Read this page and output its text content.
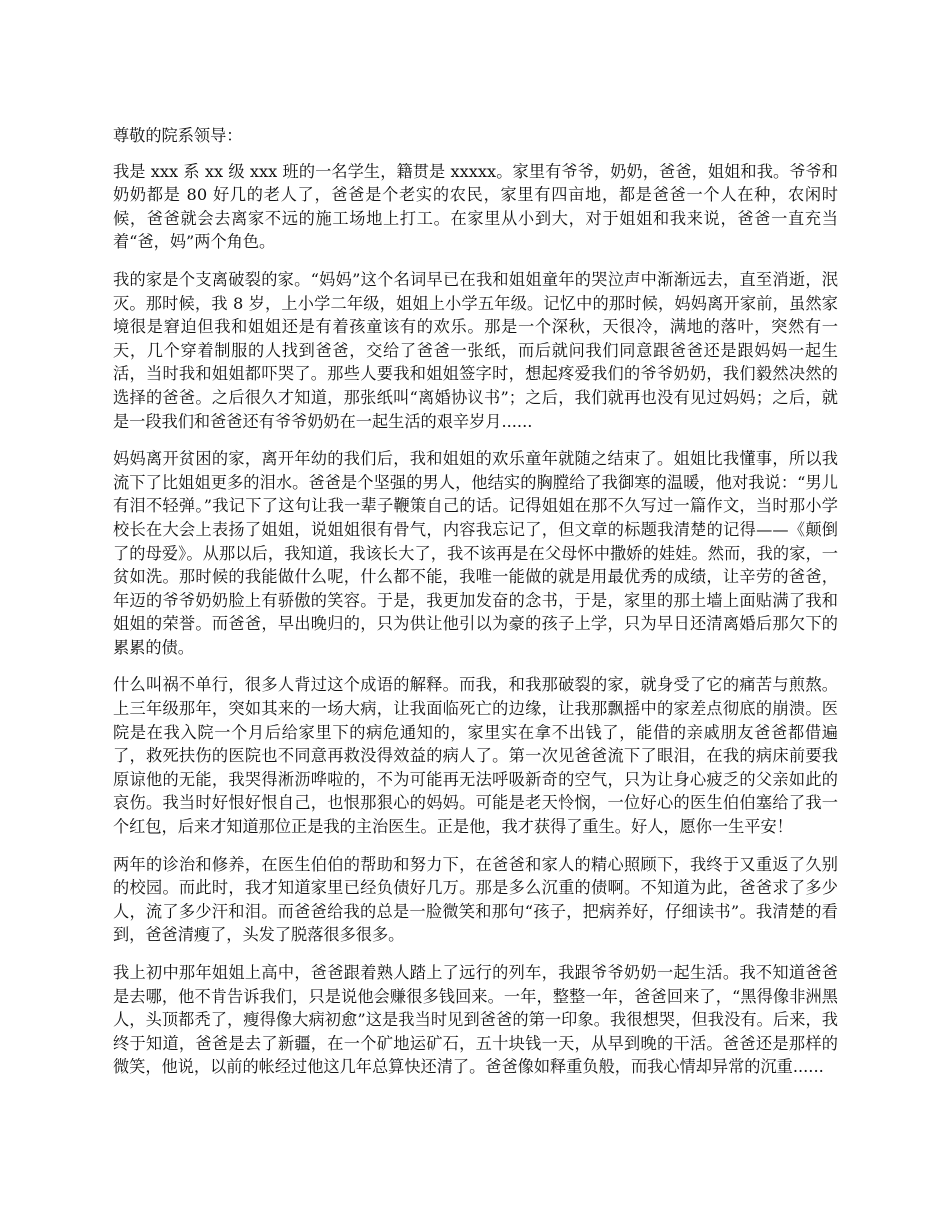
尊敬的院系领导：

我是 xxx 系 xx 级 xxx 班的一名学生，籍贯是 xxxxx。家里有爷爷，奶奶，爸爸，姐姐和我。爷爷和奶奶都是 80 好几的老人了，爸爸是个老实的农民，家里有四亩地，都是爸爸一个人在种，农闲时候，爸爸就会去离家不远的施工场地上打工。在家里从小到大，对于姐姐和我来说，爸爸一直充当着“爸，妈”两个角色。

我的家是个支离破裂的家。“妈妈”这个名词早已在我和姐姐童年的哭泣声中渐渐远去，直至消逝，泯灭。那时候，我 8 岁，上小学二年级，姐姐上小学五年级。记忆中的那时候，妈妈离开家前，虽然家境很是窘迫但我和姐姐还是有着孩童该有的欢乐。那是一个深秋，天很冷，满地的落叶，突然有一天，几个穿着制服的人找到爸爸，交给了爸爸一张纸，而后就问我们同意跟爸爸还是跟妈妈一起生活，当时我和姐姐都吓哭了。那些人要我和姐姐签字时，想起疼爱我们的爷爷奶奶，我们毅然决然的选择的爸爸。之后很久才知道，那张纸叫“离婚协议书”；之后，我们就再也没有见过妈妈；之后，就是一段我们和爸爸还有爷爷奶奶在一起生活的艰辛岁月......

妈妈离开贫困的家，离开年幼的我们后，我和姐姐的欢乐童年就随之结束了。姐姐比我懂事，所以我流下了比姐姐更多的泪水。爸爸是个坚强的男人，他结实的胸膛给了我御寒的温暖，他对我说：“男儿有泪不轻弹。”我记下了这句让我一辈子鞭策自己的话。记得姐姐在那不久写过一篇作文，当时那小学校长在大会上表扬了姐姐，说姐姐很有骨气，内容我忘记了，但文章的标题我清楚的记得——《颠倒了的母爱》。从那以后，我知道，我该长大了，我不该再是在父母怀中撒娇的娃娃。然而，我的家，一贫如洗。那时候的我能做什么呢，什么都不能，我唯一能做的就是用最优秀的成绩，让辛劳的爸爸，年迈的爷爷奶奶脸上有骄傲的笑容。于是，我更加发奋的念书，于是，家里的那土墙上面贴满了我和姐姐的荣誉。而爸爸，早出晚归的，只为供让他引以为豪的孩子上学，只为早日还清离婚后那欠下的累累的债。

什么叫祸不单行，很多人背过这个成语的解释。而我，和我那破裂的家，就身受了它的痛苦与煎熬。上三年级那年，突如其来的一场大病，让我面临死亡的边缘，让我那飘摇中的家差点彻底的崩溃。医院是在我入院一个月后给家里下的病危通知的，家里实在拿不出钱了，能借的亲戚朋友爸爸都借遍了，救死扶伤的医院也不同意再救没得效益的病人了。第一次见爸爸流下了眼泪，在我的病床前要我原谅他的无能，我哭得淅沥哗啦的，不为可能再无法呼吸新奇的空气，只为让身心疲乏的父亲如此的哀伤。我当时好恨好恨自己，也恨那狠心的妈妈。可能是老天怜悯，一位好心的医生伯伯塞给了我一个红包，后来才知道那位正是我的主治医生。正是他，我才获得了重生。好人，愿你一生平安！

两年的诊治和修养，在医生伯伯的帮助和努力下，在爸爸和家人的精心照顾下，我终于又重返了久别的校园。而此时，我才知道家里已经负债好几万。那是多么沉重的债啊。不知道为此，爸爸求了多少人，流了多少汗和泪。而爸爸给我的总是一脸微笑和那句“孩子，把病养好，仔细读书”。我清楚的看到，爸爸清瘦了，头发了脱落很多很多。

我上初中那年姐姐上高中，爸爸跟着熟人踏上了远行的列车，我跟爷爷奶奶一起生活。我不知道爸爸是去哪，他不肯告诉我们，只是说他会赚很多钱回来。一年，整整一年，爸爸回来了，“黑得像非洲黑人，头顶都秃了，瘦得像大病初愈”这是我当时见到爸爸的第一印象。我很想哭，但我没有。后来，我终于知道，爸爸是去了新疆，在一个矿地运矿石，五十块钱一天，从早到晚的干活。爸爸还是那样的微笑，他说，以前的帐经过他这几年总算快还清了。爸爸像如释重负般，而我心情却异常的沉重......
